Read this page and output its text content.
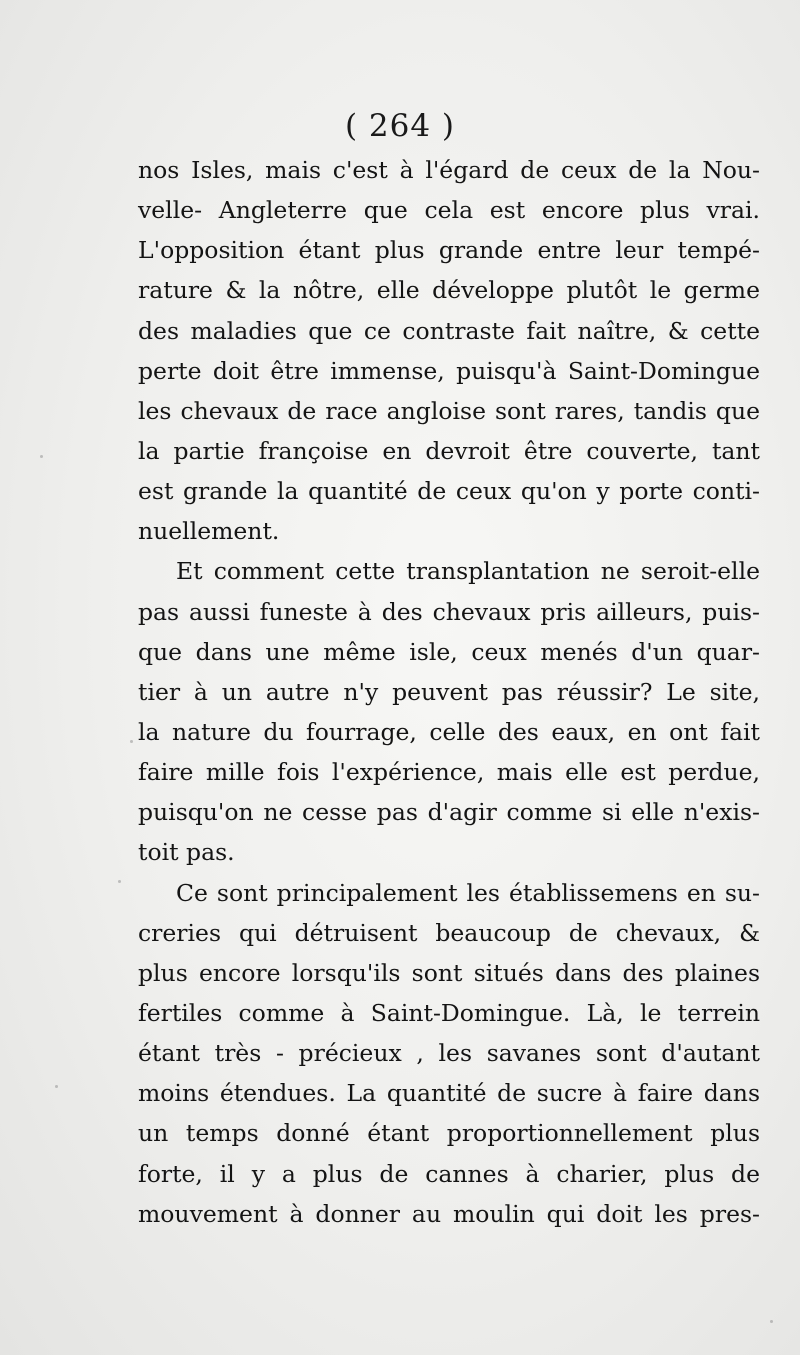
( 264 )
nos Isles, mais c'est à l'égard de ceux de la Nou-
velle- Angleterre que cela est encore plus vrai.
L'opposition étant plus grande entre leur tempé-
rature & la nôtre, elle développe plutôt le germe
des maladies que ce contraste fait naître, & cette
perte doit être immense, puisqu'à Saint-Domingue
les chevaux de race angloise sont rares, tandis que
la partie françoise en devroit être couverte, tant
est grande la quantité de ceux qu'on y porte conti-
nuellement.
Et comment cette transplantation ne seroit-elle
pas aussi funeste à des chevaux pris ailleurs, puis-
que dans une même isle, ceux menés d'un quar-
tier à un autre n'y peuvent pas réussir? Le site,
la nature du fourrage, celle des eaux, en ont fait
faire mille fois l'expérience, mais elle est perdue,
puisqu'on ne cesse pas d'agir comme si elle n'exis-
toit pas.
Ce sont principalement les établissemens en su-
creries qui détruisent beaucoup de chevaux, &
plus encore lorsqu'ils sont situés dans des plaines
fertiles comme à Saint-Domingue. Là, le terrein
étant très - précieux , les savanes sont d'autant
moins étendues. La quantité de sucre à faire dans
un temps donné étant proportionnellement plus
forte, il y a plus de cannes à charier, plus de
mouvement à donner au moulin qui doit les pres-
